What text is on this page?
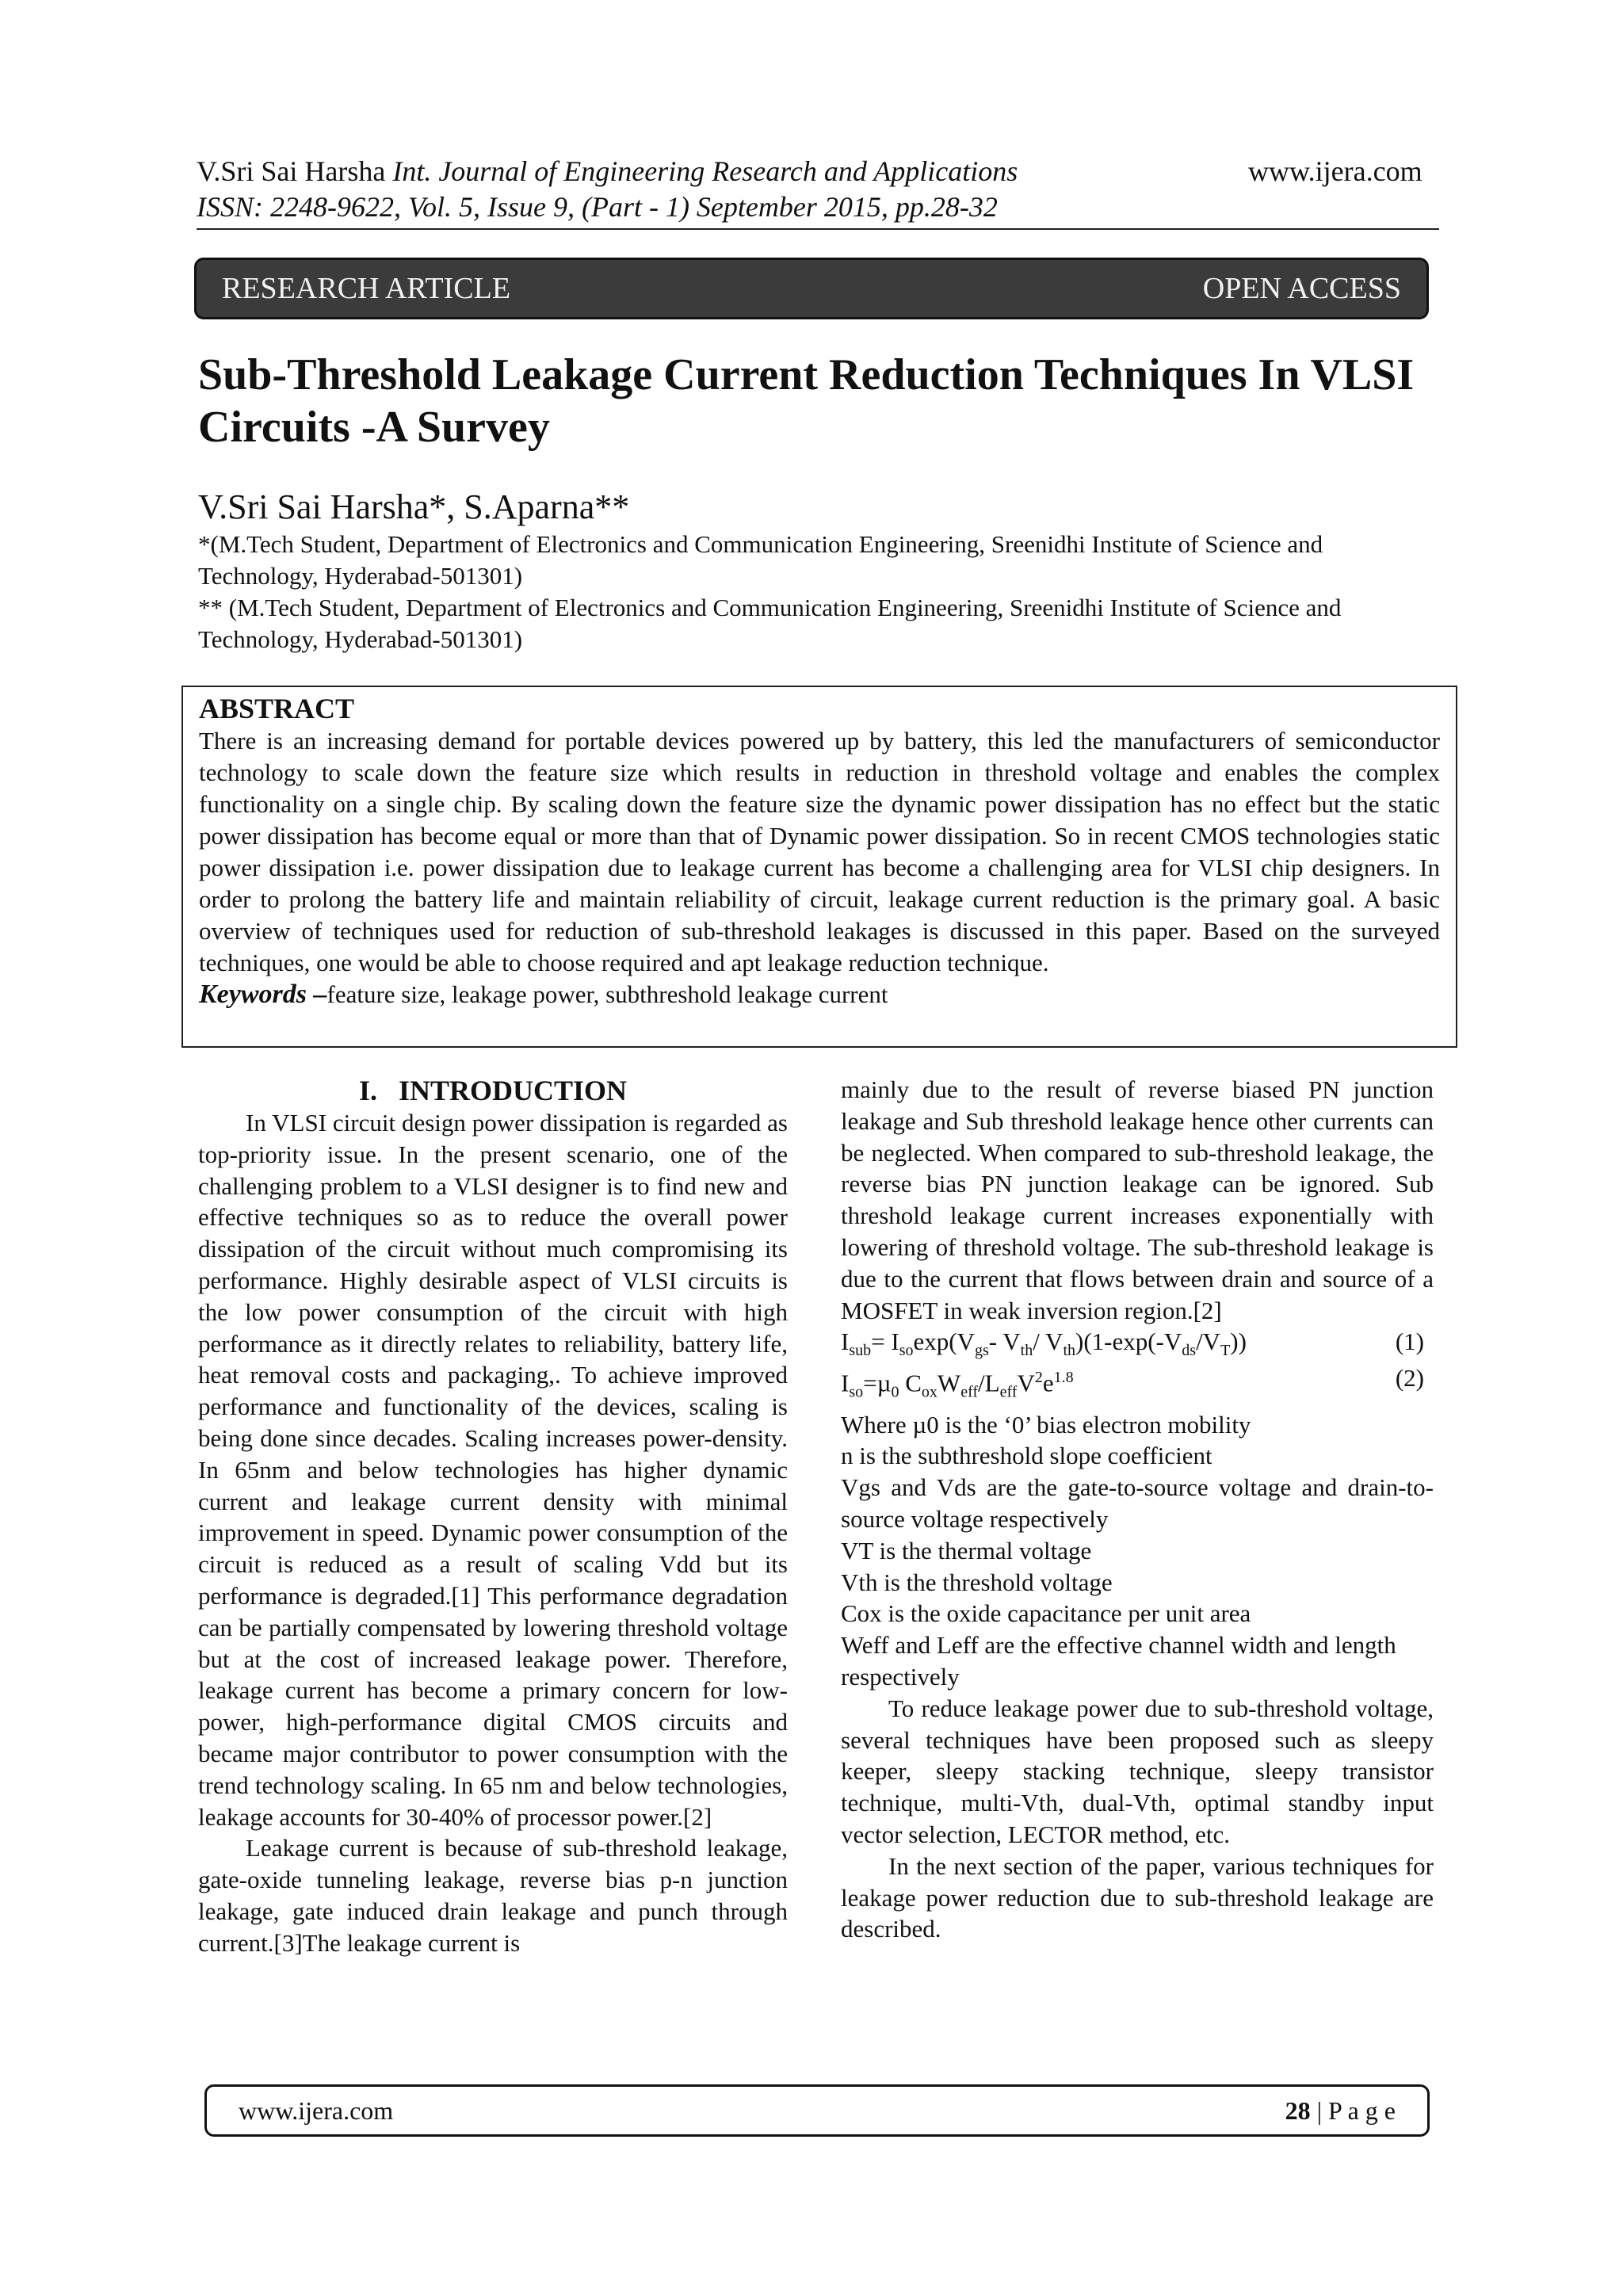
V.Sri Sai Harsha Int. Journal of Engineering Research and Applications	www.ijera.com
ISSN: 2248-9622, Vol. 5, Issue 9, (Part - 1) September 2015, pp.28-32
RESEARCH ARTICLE	OPEN ACCESS
Sub-Threshold Leakage Current Reduction Techniques In VLSI Circuits -A Survey
V.Sri Sai Harsha*, S.Aparna**
*(M.Tech Student, Department of Electronics and Communication Engineering, Sreenidhi Institute of Science and Technology, Hyderabad-501301)
** (M.Tech Student, Department of Electronics and Communication Engineering, Sreenidhi Institute of Science and Technology, Hyderabad-501301)
ABSTRACT

There is an increasing demand for portable devices powered up by battery, this led the manufacturers of semiconductor technology to scale down the feature size which results in reduction in threshold voltage and enables the complex functionality on a single chip. By scaling down the feature size the dynamic power dissipation has no effect but the static power dissipation has become equal or more than that of Dynamic power dissipation. So in recent CMOS technologies static power dissipation i.e. power dissipation due to leakage current has become a challenging area for VLSI chip designers. In order to prolong the battery life and maintain reliability of circuit, leakage current reduction is the primary goal. A basic overview of techniques used for reduction of sub-threshold leakages is discussed in this paper. Based on the surveyed techniques, one would be able to choose required and apt leakage reduction technique.

Keywords –feature size, leakage power, subthreshold leakage current
I.   INTRODUCTION

In VLSI circuit design power dissipation is regarded as top-priority issue. In the present scenario, one of the challenging problem to a VLSI designer is to find new and effective techniques so as to reduce the overall power dissipation of the circuit without much compromising its performance. Highly desirable aspect of VLSI circuits is the low power consumption of the circuit with high performance as it directly relates to reliability, battery life, heat removal costs and packaging,. To achieve improved performance and functionality of the devices, scaling is being done since decades. Scaling increases power-density. In 65nm and below technologies has higher dynamic current and leakage current density with minimal improvement in speed. Dynamic power consumption of the circuit is reduced as a result of scaling Vdd but its performance is degraded.[1] This performance degradation can be partially compensated by lowering threshold voltage but at the cost of increased leakage power. Therefore, leakage current has become a primary concern for low-power, high-performance digital CMOS circuits and became major contributor to power consumption with the trend technology scaling. In 65 nm and below technologies, leakage accounts for 30-40% of processor power.[2]

Leakage current is because of sub-threshold leakage, gate-oxide tunneling leakage, reverse bias p-n junction leakage, gate induced drain leakage and punch through current.[3]The leakage current is

mainly due to the result of reverse biased PN junction leakage and Sub threshold leakage hence other currents can be neglected. When compared to sub-threshold leakage, the reverse bias PN junction leakage can be ignored. Sub threshold leakage current increases exponentially with lowering of threshold voltage. The sub-threshold leakage is due to the current that flows between drain and source of a MOSFET in weak inversion region.[2]

$I_{sub}= I_{so}\exp(V_{gs}-$ $V_{th}/$ $V_{th})(1-\exp(-V_{ds}/V_T))$	(1)
$I_{so}=\mu_0$ $C_{ox}W_{eff}/L_{eff}V^2e^{1.8}$	(2)

Where µ0 is the ‘0’ bias electron mobility

n is the subthreshold slope coefficient

Vgs and Vds are the gate-to-source voltage and drain-to-source voltage respectively

VT is the thermal voltage

Vth is the threshold voltage

Cox is the oxide capacitance per unit area

Weff and Leff are the effective channel width and length respectively

To reduce leakage power due to sub-threshold voltage, several techniques have been proposed such as sleepy keeper, sleepy stacking technique, sleepy transistor technique, multi-Vth, dual-Vth, optimal standby input vector selection, LECTOR method, etc.

In the next section of the paper, various techniques for leakage power reduction due to sub-threshold leakage are described.

www.ijera.com	28 | P a g e
